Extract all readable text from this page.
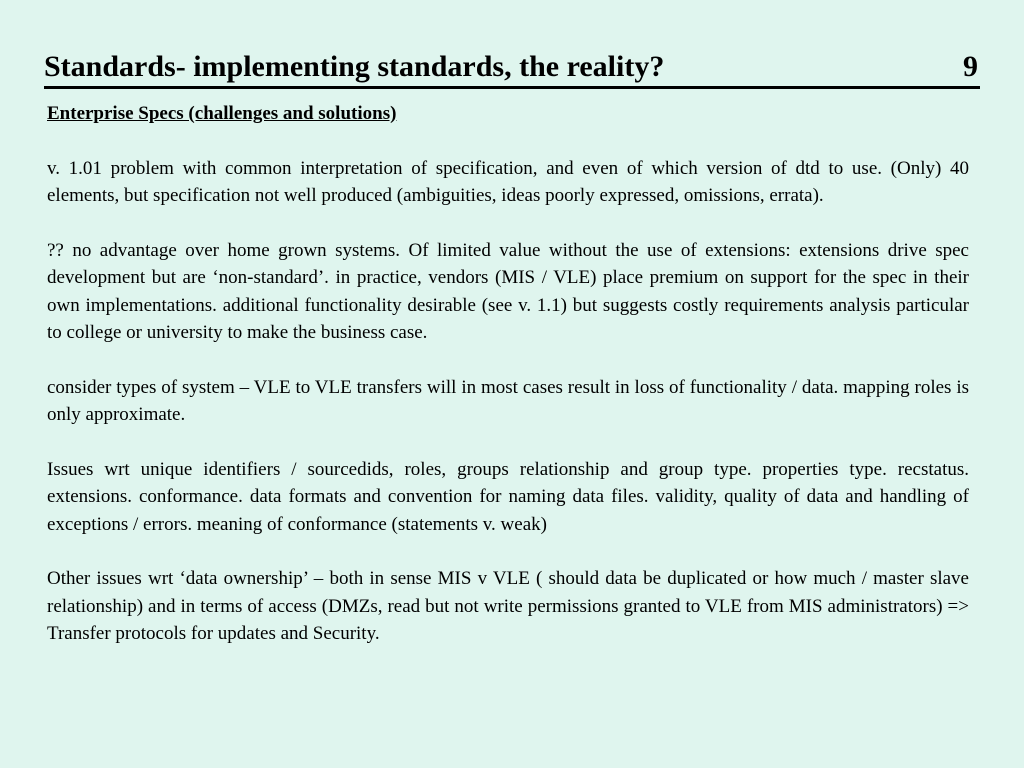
Standards- implementing standards, the reality?	9

Enterprise Specs (challenges and solutions)

v. 1.01 problem with common interpretation of specification, and even of which version of dtd to use. (Only) 40 elements, but specification not well produced (ambiguities, ideas poorly expressed, omissions, errata).

?? no advantage over home grown systems. Of limited value without the use of extensions: extensions drive spec development but are ‘non-standard’. in practice, vendors (MIS / VLE) place premium on support for the spec in their own implementations. additional functionality desirable (see v. 1.1) but suggests costly requirements analysis particular to college or university to make the business case.

consider types of system – VLE to VLE transfers will in most cases result in loss of functionality / data. mapping roles is only approximate.

Issues wrt unique identifiers / sourcedids, roles, groups relationship and group type. properties type. recstatus. extensions. conformance. data formats and convention for naming data files. validity, quality of data and handling of exceptions / errors. meaning of conformance (statements v. weak)

Other issues wrt ‘data ownership’ – both in sense MIS v VLE ( should data be duplicated or how much / master slave relationship) and in terms of access (DMZs, read but not write permissions granted to VLE from MIS administrators) => Transfer protocols for updates and Security.
